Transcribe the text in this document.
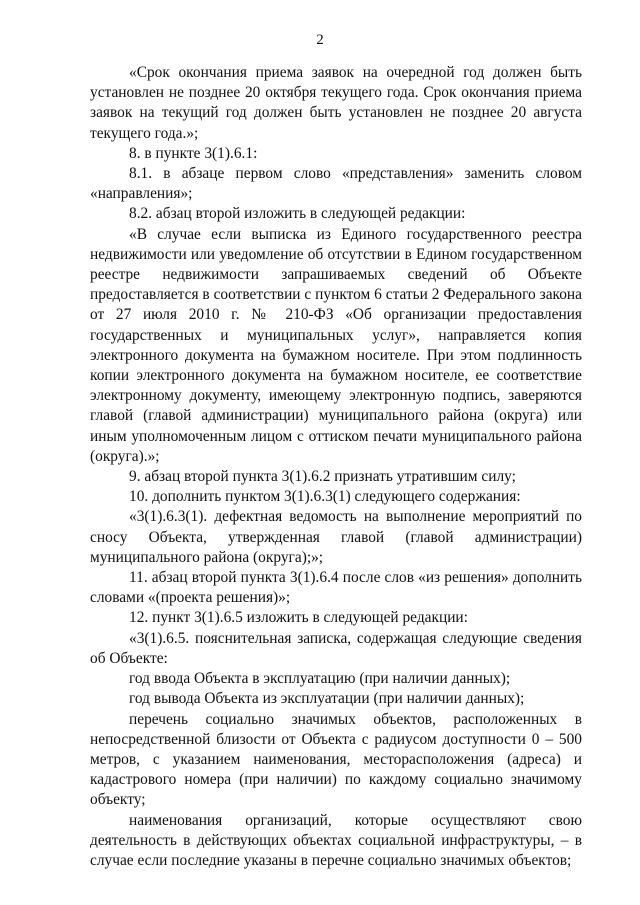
2

«Срок окончания приема заявок на очередной год должен быть установлен не позднее 20 октября текущего года. Срок окончания приема заявок на текущий год должен быть установлен не позднее 20 августа текущего года.»;

8. в пункте 3(1).6.1:

8.1. в абзаце первом слово «представления» заменить словом «направления»;

8.2. абзац второй изложить в следующей редакции:

«В случае если выписка из Единого государственного реестра недвижимости или уведомление об отсутствии в Едином государственном реестре недвижимости запрашиваемых сведений об Объекте предоставляется в соответствии с пунктом 6 статьи 2 Федерального закона от 27 июля 2010 г. № 210-ФЗ «Об организации предоставления государственных и муниципальных услуг», направляется копия электронного документа на бумажном носителе. При этом подлинность копии электронного документа на бумажном носителе, ее соответствие электронному документу, имеющему электронную подпись, заверяются главой (главой администрации) муниципального района (округа) или иным уполномоченным лицом с оттиском печати муниципального района (округа).»;

9. абзац второй пункта 3(1).6.2 признать утратившим силу;

10. дополнить пунктом 3(1).6.3(1) следующего содержания:

«3(1).6.3(1). дефектная ведомость на выполнение мероприятий по сносу Объекта, утвержденная главой (главой администрации) муниципального района (округа);»;

11. абзац второй пункта 3(1).6.4 после слов «из решения» дополнить словами «(проекта решения)»;

12. пункт 3(1).6.5 изложить в следующей редакции:

«3(1).6.5. пояснительная записка, содержащая следующие сведения об Объекте:

год ввода Объекта в эксплуатацию (при наличии данных);

год вывода Объекта из эксплуатации (при наличии данных);

перечень социально значимых объектов, расположенных в непосредственной близости от Объекта с радиусом доступности 0 – 500 метров, с указанием наименования, месторасположения (адреса) и кадастрового номера (при наличии) по каждому социально значимому объекту;

наименования организаций, которые осуществляют свою деятельность в действующих объектах социальной инфраструктуры, – в случае если последние указаны в перечне социально значимых объектов;
